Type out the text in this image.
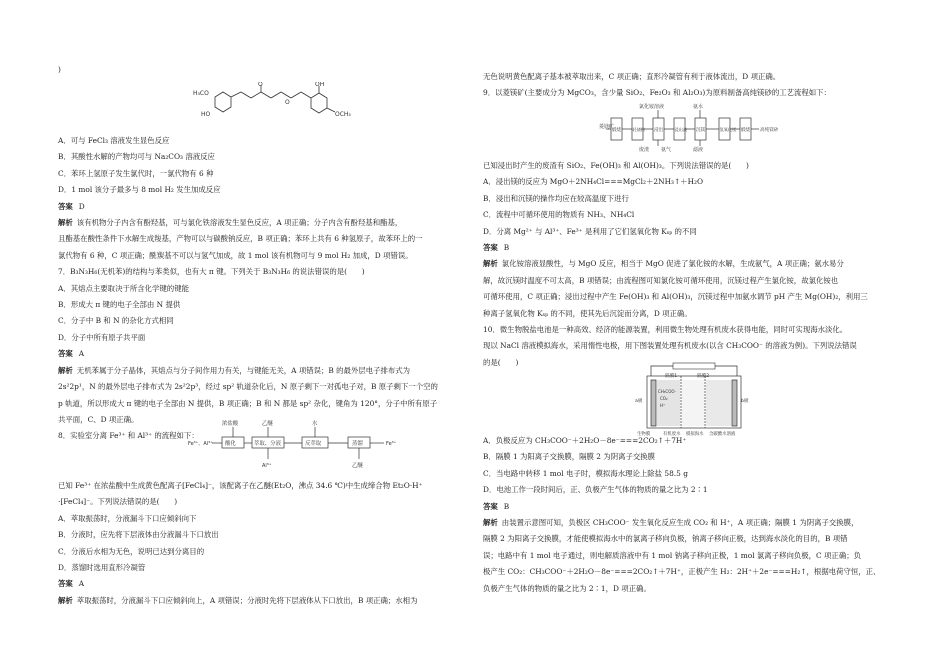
)
H₃CO
HO
O
O
OH
OCH₃
A．可与 FeCl₃ 溶液发生显色反应
B．其酸性水解的产物均可与 Na₂CO₃ 溶液反应
C．苯环上氢原子发生氯代时，一氯代物有 6 种
D．1 mol 该分子最多与 8 mol H₂ 发生加成反应
答案 D
解析 该有机物分子内含有酚羟基，可与氯化铁溶液发生显色反应，A 项正确；分子内含有酚羟基和酯基，
且酯基在酸性条件下水解生成羧基，产物可以与碳酸钠反应，B 项正确；苯环上共有 6 种氢原子，故苯环上的一
氯代物有 6 种，C 项正确；酰羰基不可以与氢气加成，故 1 mol 该有机物可与 9 mol H₂ 加成，D 项错误。
7．B₃N₃H₆(无机苯)的结构与苯类似，也有大 π 键。下列关于 B₃N₃H₆ 的说法错误的是(　　)
A．其熔点主要取决于所含化学键的键能
B．形成大 π 键的电子全部由 N 提供
C．分子中 B 和 N 的杂化方式相同
D．分子中所有原子共平面
答案 A
解析 无机苯属于分子晶体，其熔点与分子间作用力有关，与键能无关，A 项错误；B 的最外层电子排布式为
2s²2p¹，N 的最外层电子排布式为 2s²2p³，经过 sp² 轨道杂化后，N 原子剩下一对孤电子对，B 原子剩下一个空的
p 轨道，所以形成大 π 键的电子全部由 N 提供，B 项正确；B 和 N 都是 sp² 杂化，键角为 120°，分子中所有原子
共平面，C、D 项正确。
8．实验室分离 Fe³⁺ 和 Al³⁺ 的流程如下：
Fe³⁺、Al³⁺
浓盐酸	乙醚	水
酸化	萃取、分液	反萃取	蒸馏
Al³⁺	乙醚
Fe³⁺
已知 Fe³⁺ 在浓盐酸中生成黄色配离子[FeCl₄]⁻，该配离子在乙醚(Et₂O，沸点 34.6 ℃)中生成缔合物 Et₂O·H⁺
·[FeCl₄]⁻。下列说法错误的是(　　)
A．萃取振荡时，分液漏斗下口应倾斜向下
B．分液时，应先将下层液体由分液漏斗下口放出
C．分液后水相为无色，说明已达到分离目的
D．蒸馏时选用直形冷凝管
答案 A
解析 萃取振荡时，分液漏斗下口应倾斜向上，A 项错误；分液时先将下层液体从下口放出，B 项正确；水相为
无色说明黄色配离子基本被萃取出来，C 项正确；直形冷凝管有利于液体流出，D 项正确。
9．以菱镁矿(主要成分为 MgCO₃，含少量 SiO₂、Fe₂O₃ 和 Al₂O₃)为原料制备高纯镁砂的工艺流程如下：
菱镁矿
氯化铵溶液	氨水
煅烧	轻烧粉 浸出	浸出液 沉镁	氢氧化镁 煅烧 高纯镁砂
废渣 氨气	滤液
已知浸出时产生的废渣有 SiO₂、Fe(OH)₃ 和 Al(OH)₃。下列说法错误的是(　　)
A．浸出镁的反应为 MgO＋2NH₄Cl===MgCl₂＋2NH₃↑＋H₂O
B．浸出和沉镁的操作均应在较高温度下进行
C．流程中可循环使用的物质有 NH₃、NH₄Cl
D．分离 Mg²⁺ 与 Al³⁺、Fe³⁺ 是利用了它们氢氧化物 Kₛₚ 的不同
答案 B
解析 氯化铵溶液显酸性，与 MgO 反应，相当于 MgO 促进了氯化铵的水解，生成氨气，A 项正确；氨水易分
解，故沉镁时温度不可太高，B 项错误；由流程图可知氯化铵可循环使用，沉镁过程产生氯化铵，故氯化铵也
可循环使用，C 项正确；浸出过程中产生 Fe(OH)₃ 和 Al(OH)₃，沉镁过程中加氨水调节 pH 产生 Mg(OH)₂，利用三
种离子氢氧化物 Kₛₚ 的不同，使其先后沉淀而分离，D 项正确。
10．微生物脱盐电池是一种高效、经济的能源装置，利用微生物处理有机废水获得电能，同时可实现海水淡化。
现以 NaCl 溶液模拟海水，采用惰性电极，用下图装置处理有机废水(以含 CH₃COO⁻ 的溶液为例)。下列说法错误
的是(　　)
隔膜1	隔膜2
a极	b极
CH₃COO⁻
CO₂
H⁺
生物膜	有机废水 模拟海水 含碳酸水溶液
A．负极反应为 CH₃COO⁻＋2H₂O－8e⁻===2CO₂↑＋7H⁺
B．隔膜 1 为阳离子交换膜，隔膜 2 为阴离子交换膜
C．当电路中转移 1 mol 电子时，模拟海水理论上除盐 58.5 g
D．电池工作一段时间后，正、负极产生气体的物质的量之比为 2∶1
答案 B
解析 由装置示意图可知，负极区 CH₃COO⁻ 发生氧化反应生成 CO₂ 和 H⁺，A 项正确；隔膜 1 为阴离子交换膜，
隔膜 2 为阳离子交换膜，才能使模拟海水中的氯离子移向负极，钠离子移向正极，达到海水淡化的目的，B 项错
误；电路中有 1 mol 电子通过，则电解质溶液中有 1 mol 钠离子移向正极，1 mol 氯离子移向负极，C 项正确；负
极产生 CO₂：CH₃COO⁻＋2H₂O－8e⁻===2CO₂↑＋7H⁺，正极产生 H₂：2H⁺＋2e⁻===H₂↑，根据电荷守恒，正、
负极产生气体的物质的量之比为 2∶1，D 项正确。
